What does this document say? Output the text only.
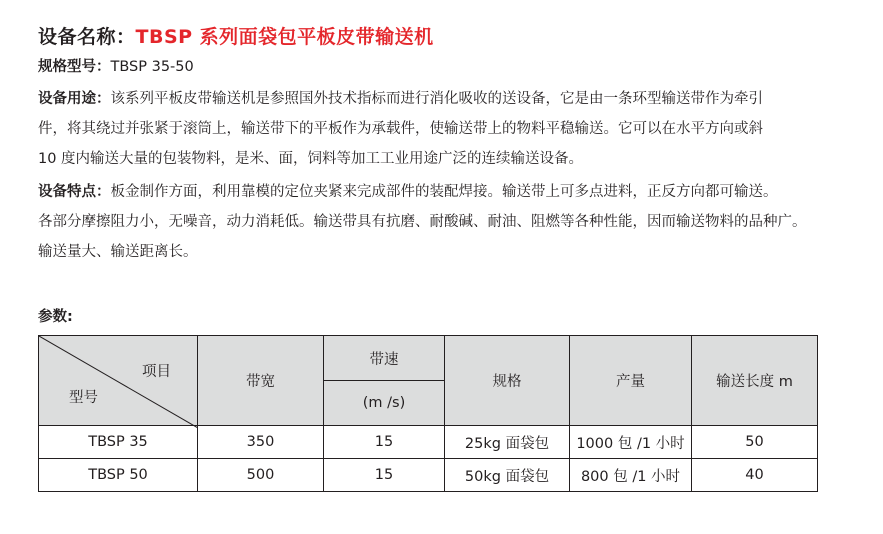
设备名称：TBSP 系列面袋包平板皮带输送机
规格型号：TBSP 35-50
设备用途：该系列平板皮带输送机是参照国外技术指标而进行消化吸收的送设备，它是由一条环型输送带作为牵引
件，将其绕过并张紧于滚筒上，输送带下的平板作为承载件，使输送带上的物料平稳输送。它可以在水平方向或斜
10 度内输送大量的包装物料，是米、面，饲料等加工工业用途广泛的连续输送设备。
设备特点：板金制作方面，利用靠模的定位夹紧来完成部件的装配焊接。输送带上可多点进料，正反方向都可输送。
各部分摩擦阻力小，无噪音，动力消耗低。输送带具有抗磨、耐酸碱、耐油、阻燃等各种性能，因而输送物料的品种广。
输送量大、输送距离长。
参数:
项目
型号	带宽	带速	规格	产量	输送长度 m
		(m /s)			
TBSP 35	350	15	25kg 面袋包	1000 包 /1 小时	50
TBSP 50	500	15	50kg 面袋包	800 包 /1 小时	40
